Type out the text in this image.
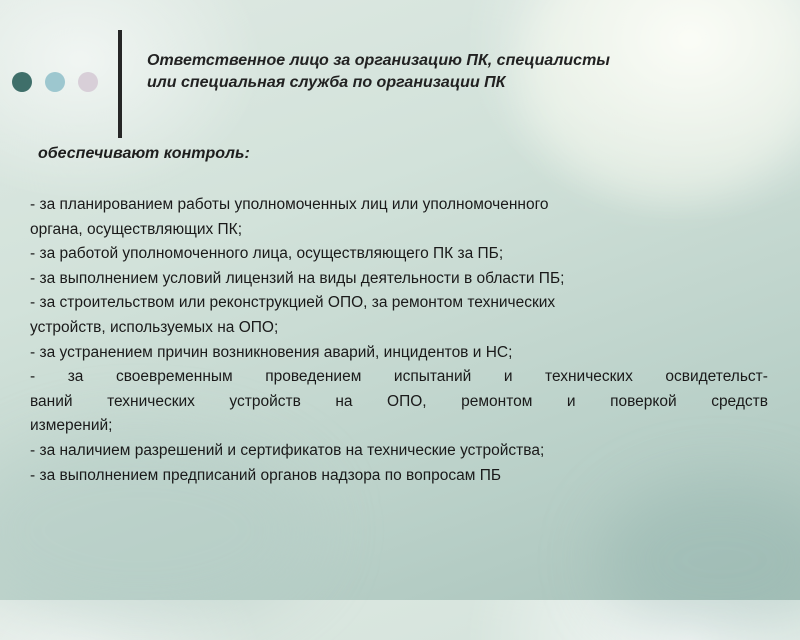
Ответственное лицо за организацию ПК, специалисты
или специальная служба по организации ПК
обеспечивают контроль:
- за планированием работы уполномоченных лиц или уполномоченного
органа, осуществляющих ПК;
- за работой уполномоченного лица, осуществляющего ПК за ПБ;
- за выполнением условий лицензий на виды деятельности в области ПБ;
- за строительством или реконструкцией ОПО, за ремонтом технических
устройств, используемых на ОПО;
- за устранением причин возникновения аварий, инцидентов и НС;
- за своевременным проведением испытаний и технических освидетельст-
ваний технических устройств на ОПО, ремонтом и поверкой средств
измерений;
- за наличием разрешений и сертификатов на технические устройства;
- за выполнением предписаний органов надзора по вопросам ПБ
